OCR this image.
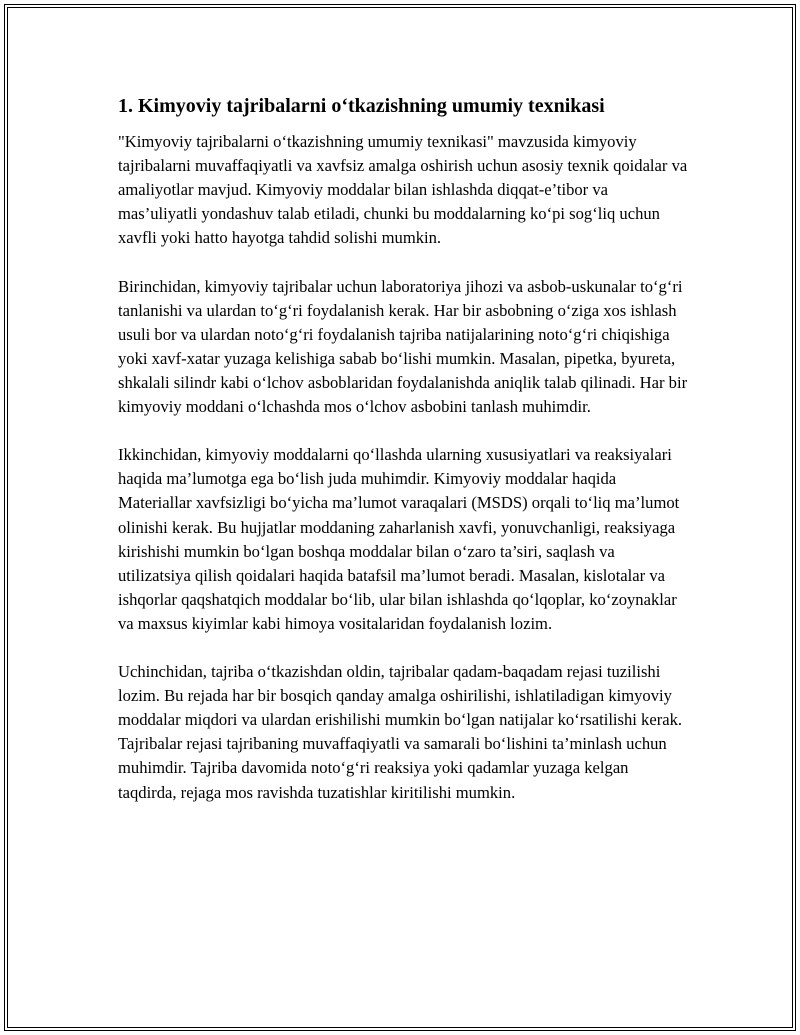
1. Kimyoviy tajribalarni o‘tkazishning umumiy texnikasi

"Kimyoviy tajribalarni o‘tkazishning umumiy texnikasi" mavzusida kimyoviy tajribalarni muvaffaqiyatli va xavfsiz amalga oshirish uchun asosiy texnik qoidalar va amaliyotlar mavjud. Kimyoviy moddalar bilan ishlashda diqqat-e’tibor va mas’uliyatli yondashuv talab etiladi, chunki bu moddalarning ko‘pi sog‘liq uchun xavfli yoki hatto hayotga tahdid solishi mumkin.

Birinchidan, kimyoviy tajribalar uchun laboratoriya jihozi va asbob-uskunalar to‘g‘ri tanlanishi va ulardan to‘g‘ri foydalanish kerak. Har bir asbobning o‘ziga xos ishlash usuli bor va ulardan noto‘g‘ri foydalanish tajriba natijalarining noto‘g‘ri chiqishiga yoki xavf-xatar yuzaga kelishiga sabab bo‘lishi mumkin. Masalan, pipetka, byureta, shkalali silindr kabi o‘lchov asboblaridan foydalanishda aniqlik talab qilinadi. Har bir kimyoviy moddani o‘lchashda mos o‘lchov asbobini tanlash muhimdir.

Ikkinchidan, kimyoviy moddalarni qo‘llashda ularning xususiyatlari va reaksiyalari haqida ma’lumotga ega bo‘lish juda muhimdir. Kimyoviy moddalar haqida Materiallar xavfsizligi bo‘yicha ma’lumot varaqalari (MSDS) orqali to‘liq ma’lumot olinishi kerak. Bu hujjatlar moddaning zaharlanish xavfi, yonuvchanligi, reaksiyaga kirishishi mumkin bo‘lgan boshqa moddalar bilan o‘zaro ta’siri, saqlash va utilizatsiya qilish qoidalari haqida batafsil ma’lumot beradi. Masalan, kislotalar va ishqorlar qaqshatqich moddalar bo‘lib, ular bilan ishlashda qo‘lqoplar, ko‘zoynaklar va maxsus kiyimlar kabi himoya vositalaridan foydalanish lozim.

Uchinchidan, tajriba o‘tkazishdan oldin, tajribalar qadam-baqadam rejasi tuzilishi lozim. Bu rejada har bir bosqich qanday amalga oshirilishi, ishlatiladigan kimyoviy moddalar miqdori va ulardan erishilishi mumkin bo‘lgan natijalar ko‘rsatilishi kerak. Tajribalar rejasi tajribaning muvaffaqiyatli va samarali bo‘lishini ta’minlash uchun muhimdir. Tajriba davomida noto‘g‘ri reaksiya yoki qadamlar yuzaga kelgan taqdirda, rejaga mos ravishda tuzatishlar kiritilishi mumkin.
